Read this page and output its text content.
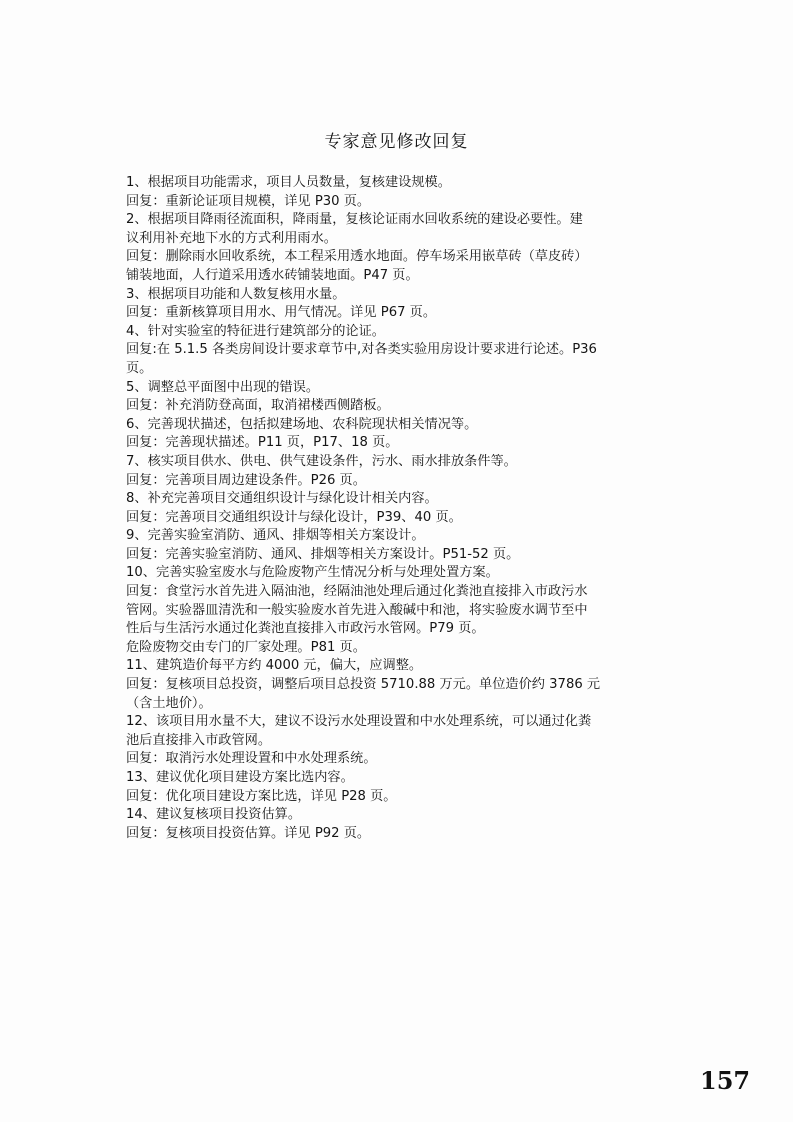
专家意见修改回复
1、根据项目功能需求，项目人员数量，复核建设规模。
回复：重新论证项目规模，详见 P30 页。
2、根据项目降雨径流面积，降雨量，复核论证雨水回收系统的建设必要性。建
议利用补充地下水的方式利用雨水。
回复：删除雨水回收系统，本工程采用透水地面。停车场采用嵌草砖（草皮砖）
铺装地面，人行道采用透水砖铺装地面。P47 页。
3、根据项目功能和人数复核用水量。
回复：重新核算项目用水、用气情况。详见 P67 页。
4、针对实验室的特征进行建筑部分的论证。
回复:在 5.1.5 各类房间设计要求章节中,对各类实验用房设计要求进行论述。P36
页。
5、调整总平面图中出现的错误。
回复：补充消防登高面，取消裙楼西侧踏板。
6、完善现状描述，包括拟建场地、农科院现状相关情况等。
回复：完善现状描述。P11 页，P17、18 页。
7、核实项目供水、供电、供气建设条件，污水、雨水排放条件等。
回复：完善项目周边建设条件。P26 页。
8、补充完善项目交通组织设计与绿化设计相关内容。
回复：完善项目交通组织设计与绿化设计，P39、40 页。
9、完善实验室消防、通风、排烟等相关方案设计。
回复：完善实验室消防、通风、排烟等相关方案设计。P51-52 页。
10、完善实验室废水与危险废物产生情况分析与处理处置方案。
回复：食堂污水首先进入隔油池，经隔油池处理后通过化粪池直接排入市政污水
管网。实验器皿清洗和一般实验废水首先进入酸碱中和池，将实验废水调节至中
性后与生活污水通过化粪池直接排入市政污水管网。P79 页。
危险废物交由专门的厂家处理。P81 页。
11、建筑造价每平方约 4000 元，偏大，应调整。
回复：复核项目总投资，调整后项目总投资 5710.88 万元。单位造价约 3786 元
（含土地价）。
12、该项目用水量不大，建议不设污水处理设置和中水处理系统，可以通过化粪
池后直接排入市政管网。
回复：取消污水处理设置和中水处理系统。
13、建议优化项目建设方案比选内容。
回复：优化项目建设方案比选，详见 P28 页。
14、建议复核项目投资估算。
回复：复核项目投资估算。详见 P92 页。
157
